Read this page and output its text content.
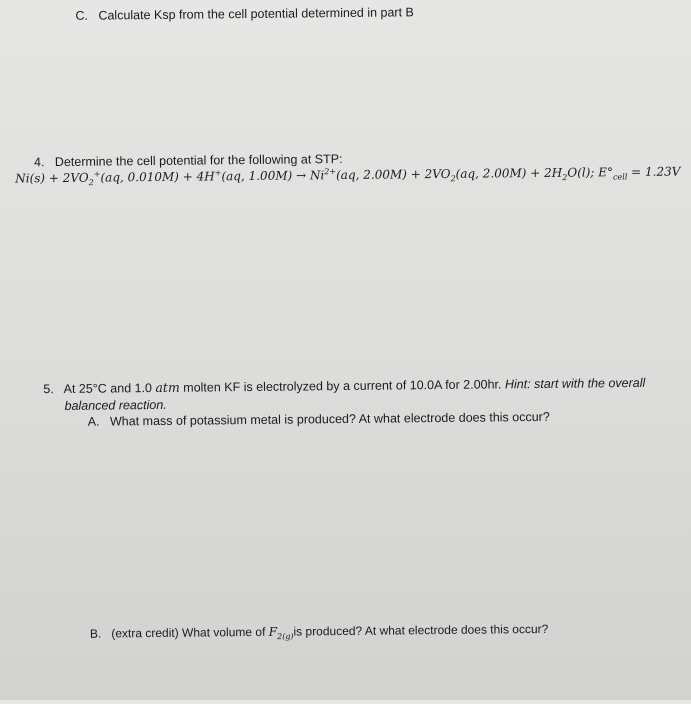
C. Calculate Ksp from the cell potential determined in part B
4. Determine the cell potential for the following at STP:
$Ni(s) + 2VO_2^+(aq$, 0.010M) + 4H+(aq, $1.00M) \to Ni^{2+}(aq$, $2.00M) + 2VO_2(aq$, $2.00M) + 2H_2O(l)$; $E^\circ_{cell} = 1.23V$
5. At 25°C and 1.0 atm molten KF is electrolyzed by a current of 10.0A for 2.00hr. Hint: start with the overall
balanced reaction.
A. What mass of potassium metal is produced? At what electrode does this occur?
B. (extra credit) What volume of $F_{2(g)}is$ produced? At what electrode does this occur?
